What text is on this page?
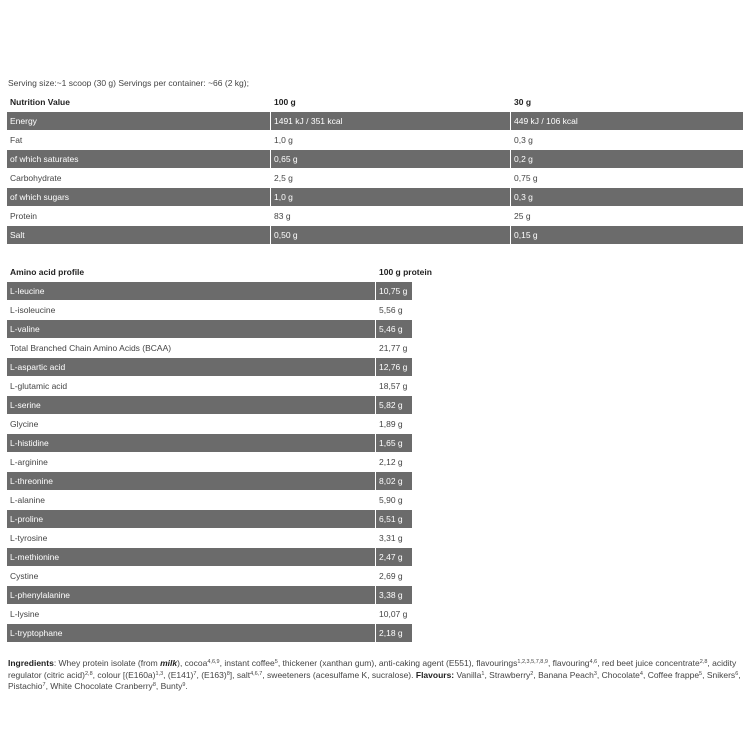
Serving size:~1 scoop (30 g) Servings per container: ~66 (2 kg);
Nutrition Value	100 g	30 g
Energy	1491 kJ / 351 kcal	449 kJ / 106 kcal
Fat	1,0 g	0,3 g
of which saturates	0,65 g	0,2 g
Carbohydrate	2,5 g	0,75 g
of which sugars	1,0 g	0,3 g
Protein	83 g	25 g
Salt	0,50 g	0,15 g
Amino acid profile	100 g protein
L-leucine	10,75 g
L-isoleucine	5,56 g
L-valine	5,46 g
Total Branched Chain Amino Acids (BCAA)	21,77 g
L-aspartic acid	12,76 g
L-glutamic acid	18,57 g
L-serine	5,82 g
Glycine	1,89 g
L-histidine	1,65 g
L-arginine	2,12 g
L-threonine	8,02 g
L-alanine	5,90 g
L-proline	6,51 g
L-tyrosine	3,31 g
L-methionine	2,47 g
Cystine	2,69 g
L-phenylalanine	3,38 g
L-lysine	10,07 g
L-tryptophane	2,18 g
Ingredients: Whey protein isolate (from milk), cocoa$^{4,6,9}$, instant coffee$^5$, thickener (xanthan gum), anti-caking agent (E551), flavourings$^{1,2,3,5,7,8,9}$, flavouring$^{4,6}$, red beet juice concentrate$^{2,8}$, acidity regulator (citric acid)$^{2,8}$, colour [$(E160a)^{1,3}$, $(E141)^7$, $(E163)^8$], salt$^{4,6,7}$, sweeteners (acesulfame K, sucralose). Flavours: Vanilla$^1$, Strawberry$^2$, Banana Peach$^3$, Chocolate$^4$, Coffee frappe$^5$, Snikers$^6$, Pistachio$^7$, White Chocolate Cranberry$^8$, Bunty$^9$.
